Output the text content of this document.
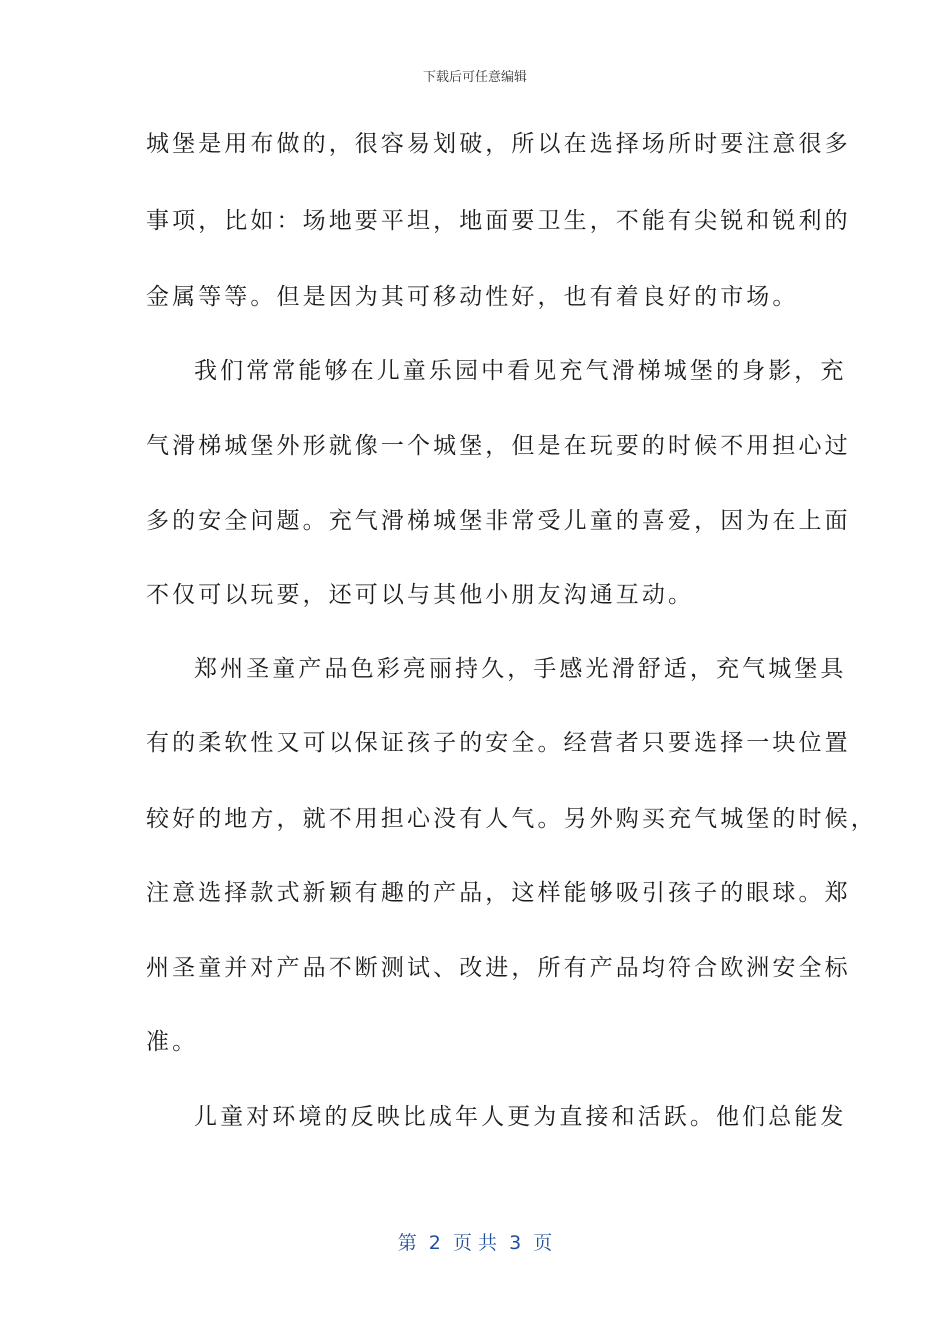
下载后可任意编辑
城堡是用布做的，很容易划破，所以在选择场所时要注意很多
事项，比如：场地要平坦，地面要卫生，不能有尖锐和锐利的
金属等等。但是因为其可移动性好，也有着良好的市场。
我们常常能够在儿童乐园中看见充气滑梯城堡的身影，充
气滑梯城堡外形就像一个城堡，但是在玩要的时候不用担心过
多的安全问题。充气滑梯城堡非常受儿童的喜爱，因为在上面
不仅可以玩要，还可以与其他小朋友沟通互动。
郑州圣童产品色彩亮丽持久，手感光滑舒适，充气城堡具
有的柔软性又可以保证孩子的安全。经营者只要选择一块位置
较好的地方，就不用担心没有人气。另外购买充气城堡的时候，
注意选择款式新颖有趣的产品，这样能够吸引孩子的眼球。郑
州圣童并对产品不断测试、改进，所有产品均符合欧洲安全标
准。
儿童对环境的反映比成年人更为直接和活跃。他们总能发
第  2  页 共  3  页
